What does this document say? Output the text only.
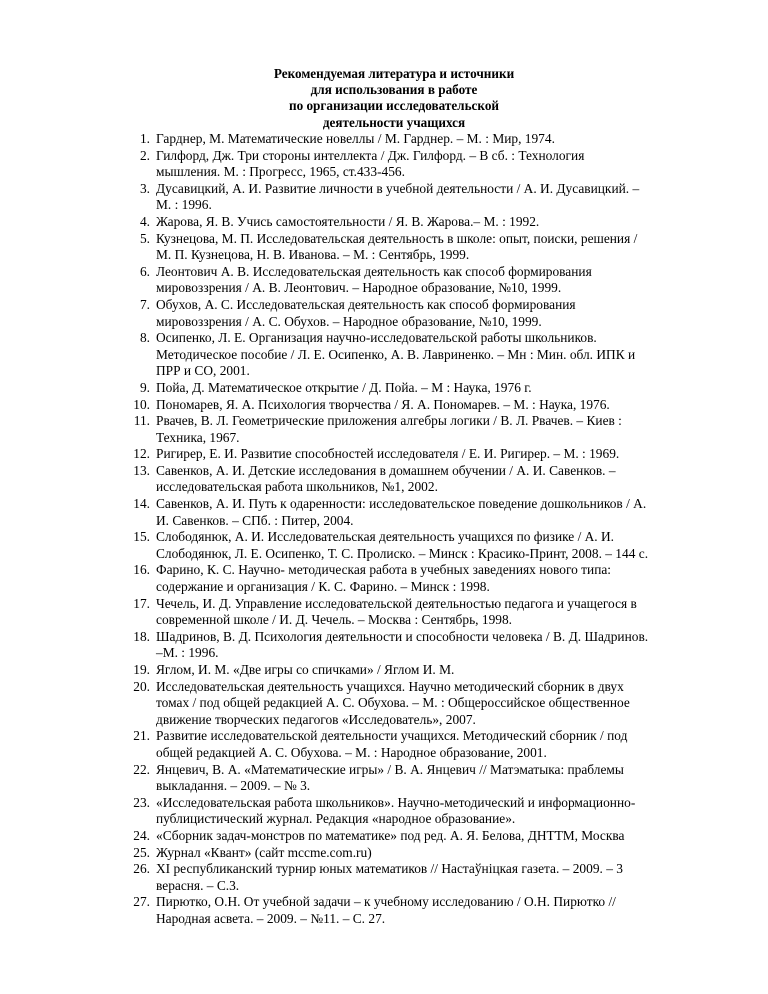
Рекомендуемая литература и источники
для использования в работе
по организации исследовательской
деятельности учащихся
1. Гарднер, М. Математические новеллы / М. Гарднер. – М. : Мир, 1974.
2. Гилфорд, Дж. Три стороны интеллекта / Дж. Гилфорд. – В сб. : Технология
мышления. М. : Прогресс, 1965, ст.433-456.
3. Дусавицкий, А. И. Развитие личности в учебной деятельности / А. И. Дусавицкий. –
М. : 1996.
4. Жарова, Я. В. Учись самостоятельности / Я. В. Жарова.– М. : 1992.
5. Кузнецова, М. П. Исследовательская деятельность в школе: опыт, поиски, решения /
М. П. Кузнецова, Н. В. Иванова. – М. : Сентябрь, 1999.
6. Леонтович А. В. Исследовательская деятельность как способ формирования
мировоззрения / А. В. Леонтович. – Народное образование, №10, 1999.
7. Обухов, А. С. Исследовательская деятельность как способ формирования
мировоззрения / А. С. Обухов. – Народное образование, №10, 1999.
8. Осипенко, Л. Е. Организация научно-исследовательской работы школьников.
Методическое пособие / Л. Е. Осипенко, А. В. Лавриненко. – Мн : Мин. обл. ИПК и
ПРР и СО, 2001.
9. Пойа, Д. Математическое открытие / Д. Пойа. – М : Наука, 1976 г.
10. Пономарев, Я. А. Психология творчества / Я. А. Пономарев. – М. : Наука, 1976.
11. Рвачев, В. Л. Геометрические приложения алгебры логики / В. Л. Рвачев. – Киев :
Техника, 1967.
12. Ригирер, Е. И. Развитие способностей исследователя / Е. И. Ригирер. – М. : 1969.
13. Савенков, А. И. Детские исследования в домашнем обучении / А. И. Савенков. –
исследовательская работа школьников, №1, 2002.
14. Савенков, А. И. Путь к одаренности: исследовательское поведение дошкольников / А.
И. Савенков. – СПб. : Питер, 2004.
15. Слободянюк, А. И. Исследовательская деятельность учащихся по физике / А. И.
Слободянюк, Л. Е. Осипенко, Т. С. Пролиско. – Минск : Красико-Принт, 2008. – 144 с.
16. Фарино, К. С. Научно- методическая работа в учебных заведениях нового типа:
содержание и организация / К. С. Фарино. – Минск : 1998.
17. Чечель, И. Д. Управление исследовательской деятельностью педагога и учащегося в
современной школе / И. Д. Чечель. – Москва : Сентябрь, 1998.
18. Шадринов, В. Д. Психология деятельности и способности человека / В. Д. Шадринов.
–М. : 1996.
19. Яглом, И. М. «Две игры со спичками» / Яглом И. М.
20. Исследовательская деятельность учащихся. Научно методический сборник в двух
томах / под общей редакцией А. С. Обухова. – М. : Общероссийское общественное
движение творческих педагогов «Исследователь», 2007.
21. Развитие исследовательской деятельности учащихся. Методический сборник / под
общей редакцией А. С. Обухова. – М. : Народное образование, 2001.
22. Янцевич, В. А. «Математические игры» / В. А. Янцевич // Матэматыка: праблемы
выкладання. – 2009. – № 3.
23. «Исследовательская работа школьников». Научно-методический и информационно-
публицистический журнал. Редакция «народное образование».
24. «Сборник задач-монстров по математике» под ред. А. Я. Белова, ДНТТМ, Москва
25. Журнал «Квант» (сайт mccme.com.ru)
26. XI республиканский турнир юных математиков // Настаўніцкая газета. – 2009. – 3
верасня. – С.3.
27. Пирютко, О.Н. От учебной задачи – к учебному исследованию / О.Н. Пирютко //
Народная асвета. – 2009. – №11. – С. 27.
